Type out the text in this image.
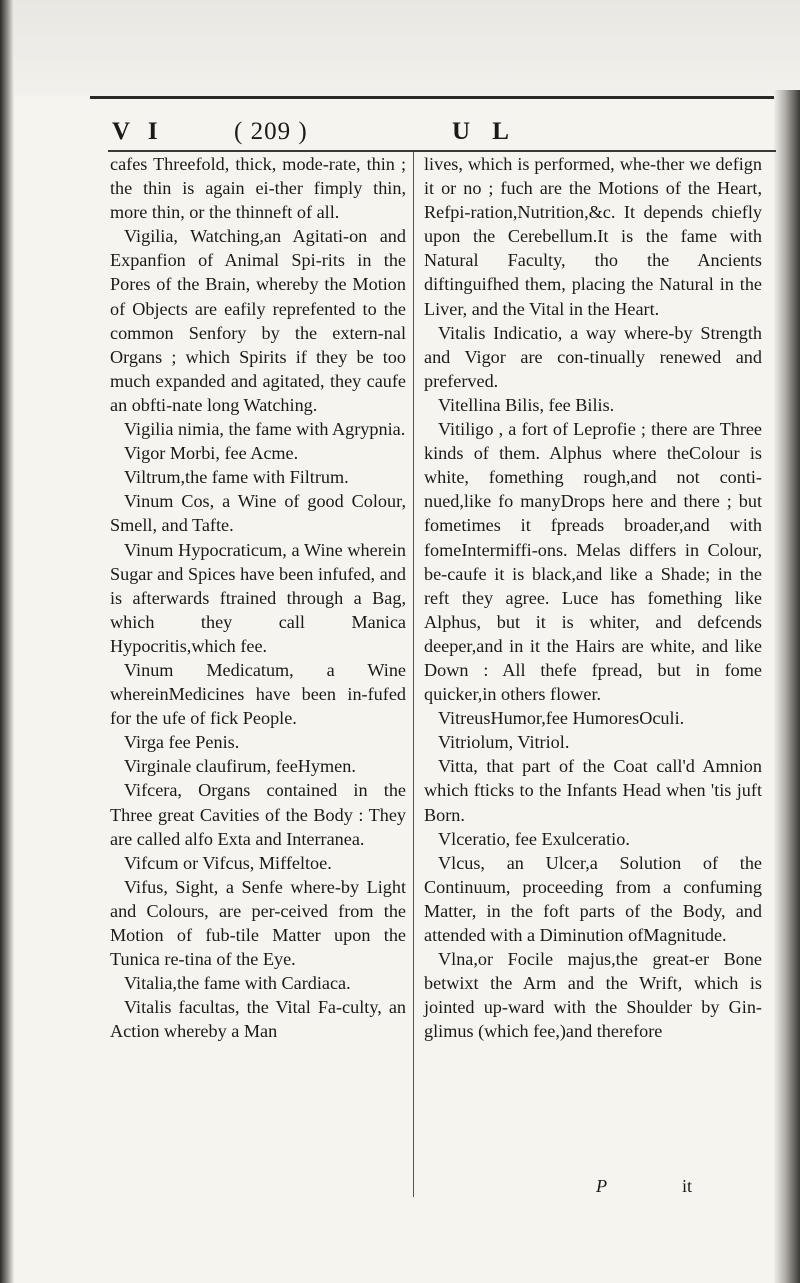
V I	( 209 )	U L

cafes Threefold, thick, mode-rate, thin ; the thin is again ei-ther fimply thin, more thin, or the thinneft of all.

Vigilia, Watching,an Agitati-on and Expanfion of Animal Spi-rits in the Pores of the Brain, whereby the Motion of Objects are eafily reprefented to the common Senfory by the extern-nal Organs ; which Spirits if they be too much expanded and agitated, they caufe an obfti-nate long Watching.

Vigilia nimia, the fame with Agrypnia.

Vigor Morbi, fee Acme.

Viltrum,the fame with Filtrum.

Vinum Cos, a Wine of good Colour, Smell, and Tafte.

Vinum Hypocraticum, a Wine wherein Sugar and Spices have been infufed, and is afterwards ftrained through a Bag, which they call Manica Hypocritis,which fee.

Vinum Medicatum, a Wine whereinMedicines have been in-fufed for the ufe of fick People.

Virga fee Penis.

Virginale claufirum, feeHymen.

Vifcera, Organs contained in the Three great Cavities of the Body : They are called alfo Exta and Interranea.

Vifcum or Vifcus, Miffeltoe.

Vifus, Sight, a Senfe where-by Light and Colours, are per-ceived from the Motion of fub-tile Matter upon the Tunica re-tina of the Eye.

Vitalia,the fame with Cardiaca.

Vitalis facultas, the Vital Fa-culty, an Action whereby a Man

lives, which is performed, whe-ther we defign it or no ; fuch are the Motions of the Heart, Refpi-ration,Nutrition,&c. It depends chiefly upon the Cerebellum.It is the fame with Natural Faculty, tho the Ancients diftinguifhed them, placing the Natural in the Liver, and the Vital in the Heart.

Vitalis Indicatio, a way where-by Strength and Vigor are con-tinually renewed and preferved.

Vitellina Bilis, fee Bilis.

Vitiligo , a fort of Leprofie ; there are Three kinds of them. Alphus where theColour is white, fomething rough,and not conti-nued,like fo manyDrops here and there ; but fometimes it fpreads broader,and with fomeIntermiffi-ons. Melas differs in Colour, be-caufe it is black,and like a Shade; in the reft they agree. Luce has fomething like Alphus, but it is whiter, and defcends deeper,and in it the Hairs are white, and like Down : All thefe fpread, but in fome quicker,in others flower.

VitreusHumor,fee HumoresOculi.

Vitriolum, Vitriol.

Vitta, that part of the Coat call'd Amnion which fticks to the Infants Head when 'tis juft Born.

Vlceratio, fee Exulceratio.

Vlcus, an Ulcer,a Solution of the Continuum, proceeding from a confuming Matter, in the foft parts of the Body, and attended with a Diminution ofMagnitude.

Vlna,or Focile majus,the great-er Bone betwixt the Arm and the Wrift, which is jointed up-ward with the Shoulder by Gin-glimus (which fee,)and therefore

P	it
